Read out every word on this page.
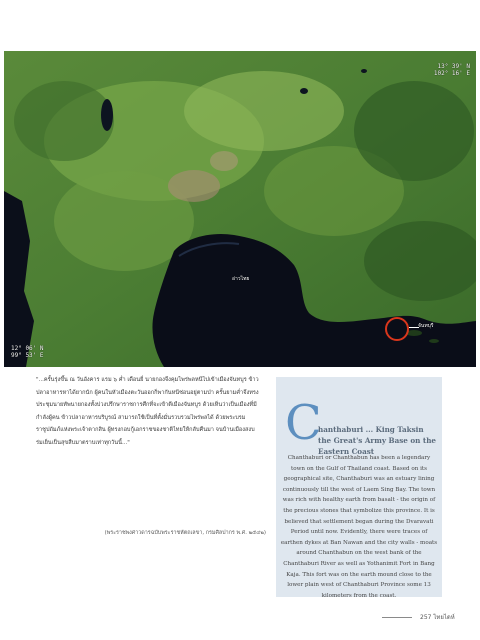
13° 39' N
102° 16' E
12° 06' N
99° 53' E
อ่าวไทย
จันทบุรี

"...ครั้นรุ่งขึ้น ณ วันอังคาร แรม ๖ ค่ำ เดือนยี่ นายกองจึงคุมไพร่พลหนีไปเข้าเมืองจันทบูร ข้าวปลาอาหารหาได้ยากนัก ผู้คนในหัวเมืองตะวันออกก็พากันหนีซ่อนอยู่ตามป่า ครั้นยามค่ำจึงทรงประชุมนายทัพนายกองทั้งปวงปรึกษาราชการศึกที่จะเข้าตีเมืองจันทบูร ด้วยเห็นว่าเป็นเมืองที่มีกำลังผู้คน ข้าวปลาอาหารบริบูรณ์ สามารถใช้เป็นที่ตั้งมั่นรวบรวมไพร่พลได้ ด้วยพระบรมราชูปถัมภ์แห่งพระเจ้าตากสิน ผู้ทรงกอบกู้เอกราชของชาติไทยให้กลับคืนมา จนบ้านเมืองสงบร่มเย็นเป็นสุขสืบมาตราบเท่าทุกวันนี้..."

(พระราชพงศาวดารฉบับพระราชหัตถเลขา, กรมศิลปากร พ.ศ. ๒๕๔๒)
C
hanthaburi ... King Taksin the Great's Army Base on the Eastern Coast

Chanthaburi or Chanthabun has been a legendary town on the Gulf of Thailand coast. Based on its geographical site, Chanthaburi was an estuary lining continuously till the west of Laem Sing Bay. The town was rich with healthy earth from basalt - the origin of the precious stones that symbolize this province. It is believed that settlement began during the Dvaravati Period until now. Evidently, there were traces of earthen dykes at Ban Nawan and the city walls - moats around Chanthabun on the west bank of the Chanthaburi River as well as Yothanimit Fort in Bang Kaja. This fort was on the earth mound close to the lower plain west of Chanthaburi Province some 13 kilometers from the coast.

257 ไทยไดห์
